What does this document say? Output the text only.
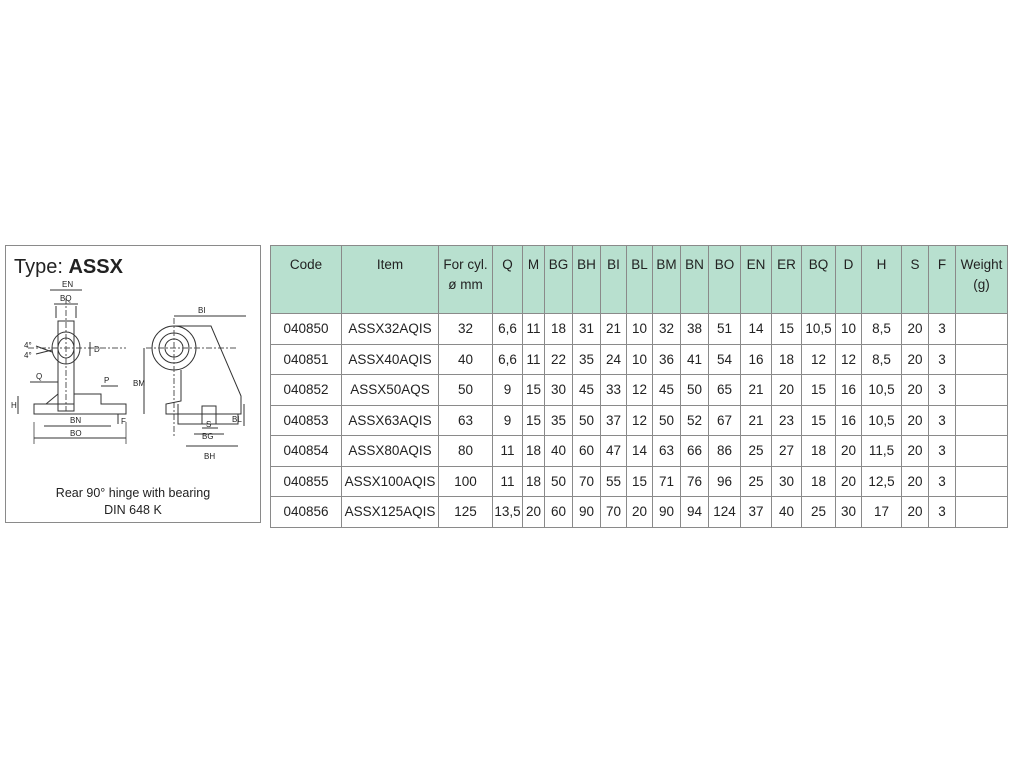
Type: ASSX
EN
BQ
BI
D
4°
4°
Q	P	BM
H
F
BN
BO
S
BG
BH
BL
Rear 90° hinge with bearing
DIN 648 K
Code	Item	For cyl.
ø mm	Q	M	BG	BH	BI	BL	BM	BN	BO	EN	ER	BQ	D	H	S	F	Weight
(g)
040850	ASSX32AQIS	32	6,6	11	18	31	21	10	32	38	51	14	15	10,5	10	8,5	20	3	
040851	ASSX40AQIS	40	6,6	11	22	35	24	10	36	41	54	16	18	12	12	8,5	20	3	
040852	ASSX50AQS	50	9	15	30	45	33	12	45	50	65	21	20	15	16	10,5	20	3	
040853	ASSX63AQIS	63	9	15	35	50	37	12	50	52	67	21	23	15	16	10,5	20	3	
040854	ASSX80AQIS	80	11	18	40	60	47	14	63	66	86	25	27	18	20	11,5	20	3	
040855	ASSX100AQIS	100	11	18	50	70	55	15	71	76	96	25	30	18	20	12,5	20	3	
040856	ASSX125AQIS	125	13,5	20	60	90	70	20	90	94	124	37	40	25	30	17	20	3	
